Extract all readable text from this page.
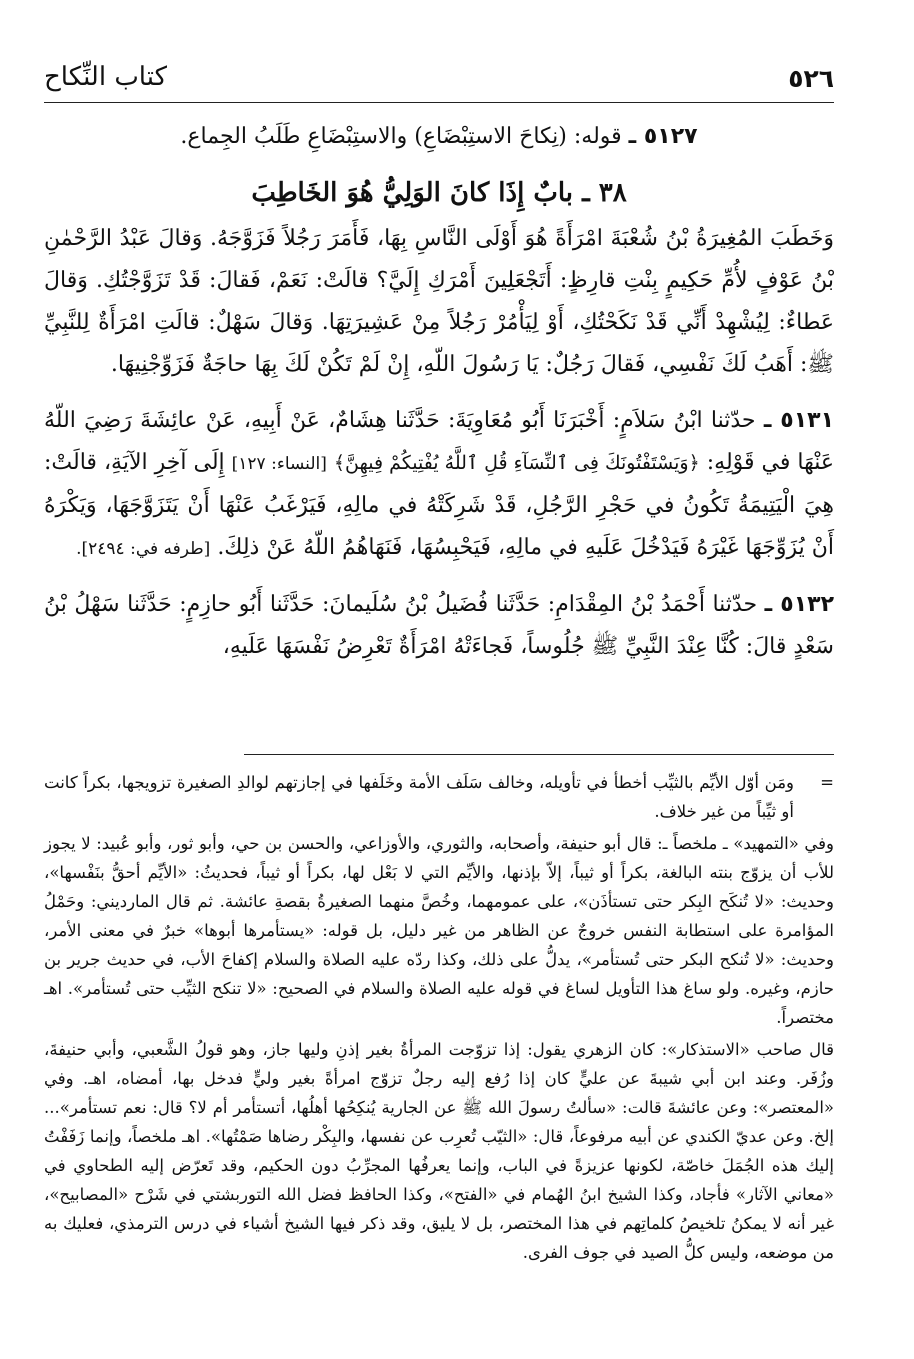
٥٢٦
كتاب النِّكاح

٥١٢٧ ـ قوله: (نِكاحَ الاستِبْضَاعِ) والاستِبْضَاعِ طَلَبُ الجِماع.

٣٨ ـ بابٌ إِذَا كانَ الوَلِيُّ هُوَ الخَاطِبَ

وَخَطَبَ المُغِيرَةُ بْنُ شُعْبَةَ امْرَأَةً هُوَ أَوْلَى النَّاسِ بِهَا، فَأَمَرَ رَجُلاً فَزَوَّجَهُ. وَقالَ عَبْدُ الرَّحْمٰنِ بْنُ عَوْفٍ لأُمِّ حَكِيمٍ بِنْتِ قارِظٍ: أَتَجْعَلِينَ أَمْرَكِ إِلَيَّ؟ قالَتْ: نَعَمْ، فَقالَ: قَدْ تَزَوَّجْتُكِ. وَقالَ عَطاءٌ: لِيُشْهِدْ أَنِّي قَدْ نَكَحْتُكِ، أَوْ لِيَأْمُرْ رَجُلاً مِنْ عَشِيرَتِهَا. وَقالَ سَهْلٌ: قالَتِ امْرَأَةٌ لِلنَّبِيِّ ﷺ: أَهَبُ لَكَ نَفْسِي، فَقالَ رَجُلٌ: يَا رَسُولَ اللّهِ، إِنْ لَمْ تَكُنْ لَكَ بِهَا حاجَةٌ فَزَوِّجْنِيهَا.

٥١٣١ ـ حدّثنا ابْنُ سَلاَمٍ: أَخْبَرَنَا أَبُو مُعَاوِيَةَ: حَدَّثَنا هِشَامٌ، عَنْ أَبِيهِ، عَنْ عائِشَةَ رَضِيَ اللّهُ عَنْهَا في قَوْلِهِ: ﴿وَيَسْتَفْتُونَكَ فِى ٱلنِّسَآءِ قُلِ ٱللَّهُ يُفْتِيكُمْ فِيهِنَّ﴾ [النساء: ١٢٧] إِلَى آخِرِ الآيَةِ، قالَتْ: هِيَ الْيَتِيمَةُ تَكُونُ في حَجْرِ الرَّجُلِ، قَدْ شَرِكَتْهُ في مالِهِ، فَيَرْغَبُ عَنْهَا أَنْ يَتَزَوَّجَهَا، وَيَكْرَهُ أَنْ يُزَوِّجَهَا غَيْرَهُ فَيَدْخُلَ عَلَيهِ في مالِهِ، فَيَحْبِسُهَا، فَنَهَاهُمُ اللّهُ عَنْ ذلِكَ. [طرفه في: ٢٤٩٤].

٥١٣٢ ـ حدّثنا أَحْمَدُ بْنُ المِقْدَامِ: حَدَّثَنا فُضَيلُ بْنُ سُلَيمانَ: حَدَّثَنا أَبُو حازِمٍ: حَدَّثَنا سَهْلُ بْنُ سَعْدٍ قالَ: كُنَّا عِنْدَ النَّبِيِّ ﷺ جُلُوساً، فَجاءَتْهُ امْرَأَةٌ تَعْرِضُ نَفْسَهَا عَلَيهِ،

=

ومَن أوّل الأيِّم بالثيِّب أخطأ في تأويله، وخالف سَلَف الأمة وخَلَفها في إجازتهم لوالدِ الصغيرة تزويجها، بكراً كانت أو ثيِّباً من غير خلاف.

وفي «التمهيد» ـ ملخصاً ـ: قال أبو حنيفة، وأصحابه، والثوري، والأوزاعي، والحسن بن حي، وأبو ثور، وأبو عُبيد: لا يجوز للأب أن يزوّج بنته البالغة، بكراً أو ثيباً، إلاّ بإذنها، والأيِّم التي لا بَعْل لها، بكراً أو ثيباً، فحديثُ: «الأيِّم أحقُّ بنَفْسها»، وحديث: «لا تُنكَح البِكر حتى تستأذَن»، على عمومهما، وخُصَّ منهما الصغيرةُ بقصةِ عائشة. ثم قال المارديني: وحَمْلُ المؤامرة على استطابة النفس خروجٌ عن الظاهر من غير دليل، بل قوله: «يستأمرها أبوها» خبرٌ في معنى الأمر، وحديث: «لا تُنكح البكر حتى تُستأمر»، يدلُّ على ذلك، وكذا ردّه عليه الصلاة والسلام إكفاحَ الأب، في حديث جرير بن حازم، وغيره. ولو ساغ هذا التأويل لساغ في قوله عليه الصلاة والسلام في الصحيح: «لا تنكح الثيِّب حتى تُستأمر». اهـ مختصراً.

قال صاحب «الاستذكار»: كان الزهري يقول: إذا تزوّجت المرأةُ بغير إذنِ وليها جاز، وهو قولُ الشَّعبي، وأبي حنيفةَ، وزُفَر. وعند ابن أبي شيبةَ عن عليٍّ كان إذا رُفع إليه رجلٌ تزوّج امرأةً بغير وليٍّ فدخل بها، أمضاه، اهـ. وفي «المعتصر»: وعن عائشةَ قالت: «سألتُ رسولَ الله ﷺ عن الجارية يُنكِحُها أهلُها، أتستأمر أم لا؟ قال: نعم تستأمر»... إلخ. وعن عديّ الكندي عن أبيه مرفوعاً، قال: «الثيّب تُعرِب عن نفسها، والبِكْر رضاها صَمْتُها». اهـ ملخصاً، وإنما زَفَفْتُ إليك هذه الجُمَلَ خاصّة، لكونها عزيزةً في الباب، وإنما يعرفُها المجرِّبُ دون الحكيم، وقد تَعرّض إليه الطحاوي في «معاني الآثار» فأجاد، وكذا الشيخ ابنُ الهُمام في «الفتح»، وكذا الحافظ فضل الله التوربشتي في شَرْح «المصابيح»، غير أنه لا يمكنُ تلخيصُ كلماتِهم في هذا المختصر، بل لا يليق، وقد ذكر فيها الشيخ أشياء في درس الترمذي، فعليك به من موضعه، وليس كلُّ الصيد في جوف الفرى.
